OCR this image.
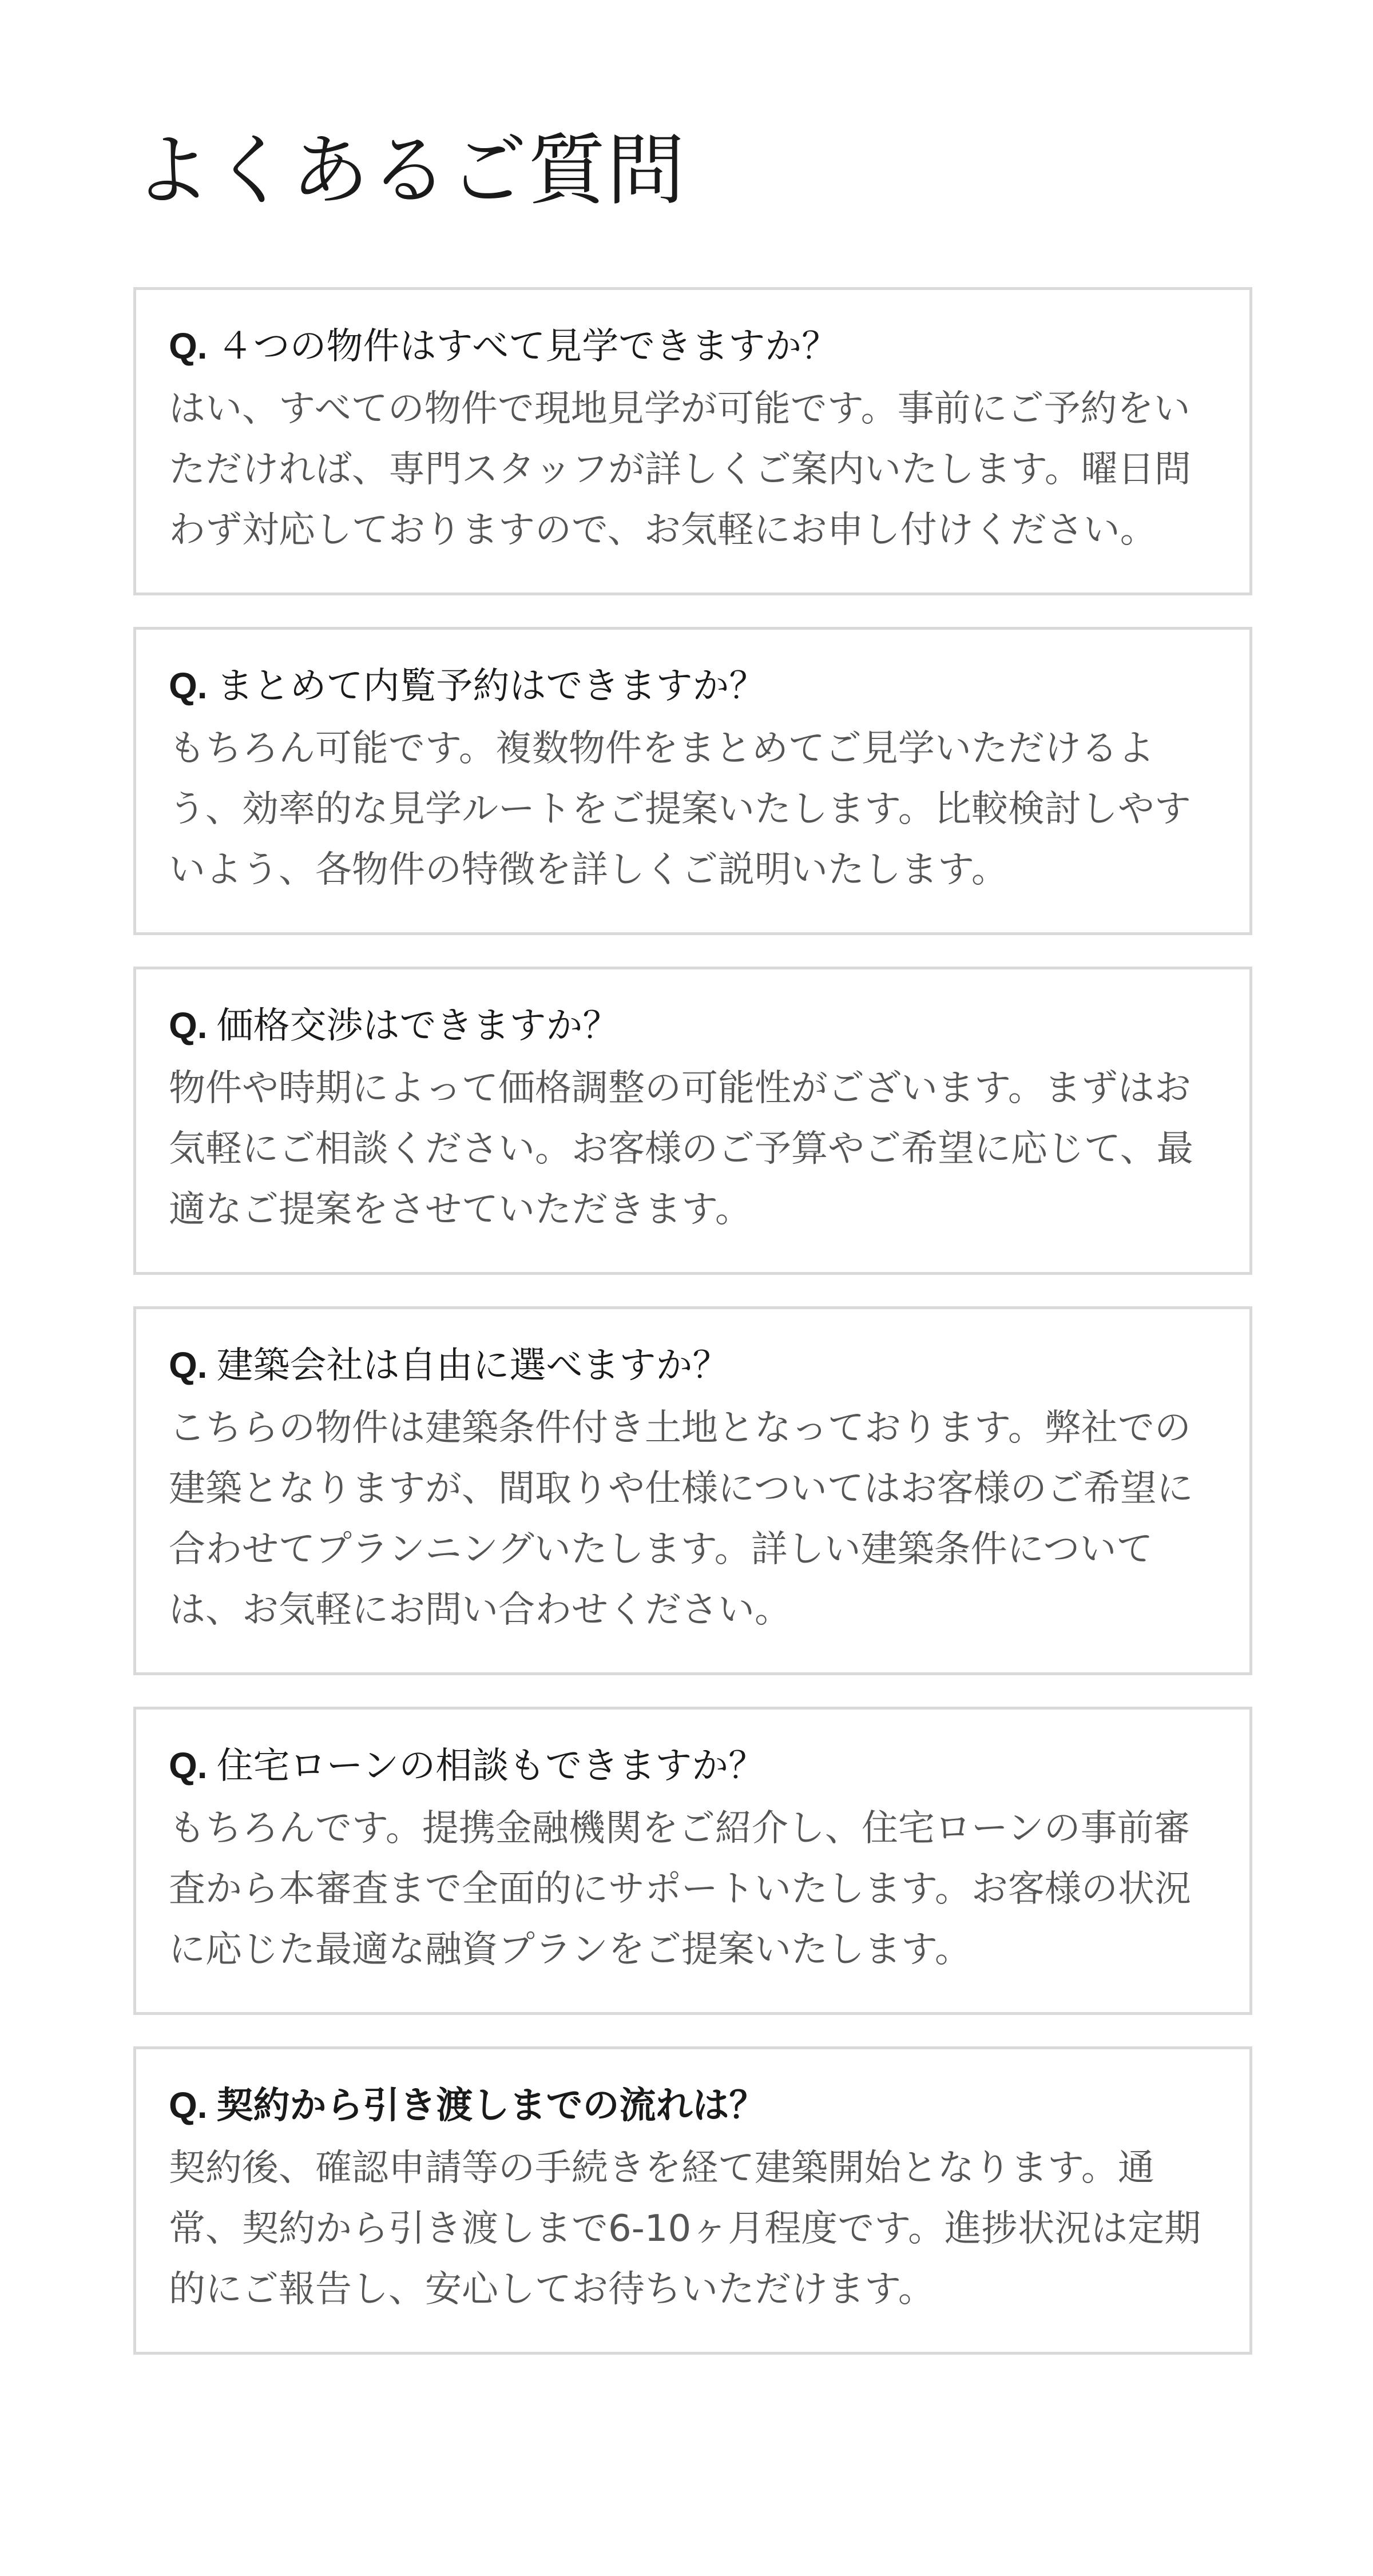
よくあるご質問
Q. ４つの物件はすべて見学できますか？

はい、すべての物件で現地見学が可能です。事前にご予約をいただければ、専門スタッフが詳しくご案内いたします。曜日問わず対応しておりますので、お気軽にお申し付けください。

Q. まとめて内覧予約はできますか？

もちろん可能です。複数物件をまとめてご見学いただけるよう、効率的な見学ルートをご提案いたします。比較検討しやすいよう、各物件の特徴を詳しくご説明いたします。

Q. 価格交渉はできますか？

物件や時期によって価格調整の可能性がございます。まずはお気軽にご相談ください。お客様のご予算やご希望に応じて、最適なご提案をさせていただきます。

Q. 建築会社は自由に選べますか？

こちらの物件は建築条件付き土地となっております。弊社での建築となりますが、間取りや仕様についてはお客様のご希望に合わせてプランニングいたします。詳しい建築条件については、お気軽にお問い合わせください。

Q. 住宅ローンの相談もできますか？

もちろんです。提携金融機関をご紹介し、住宅ローンの事前審査から本審査まで全面的にサポートいたします。お客様の状況に応じた最適な融資プランをご提案いたします。

Q. 契約から引き渡しまでの流れは？

契約後、確認申請等の手続きを経て建築開始となります。通常、契約から引き渡しまで6-10ヶ月程度です。進捗状況は定期的にご報告し、安心してお待ちいただけます。
